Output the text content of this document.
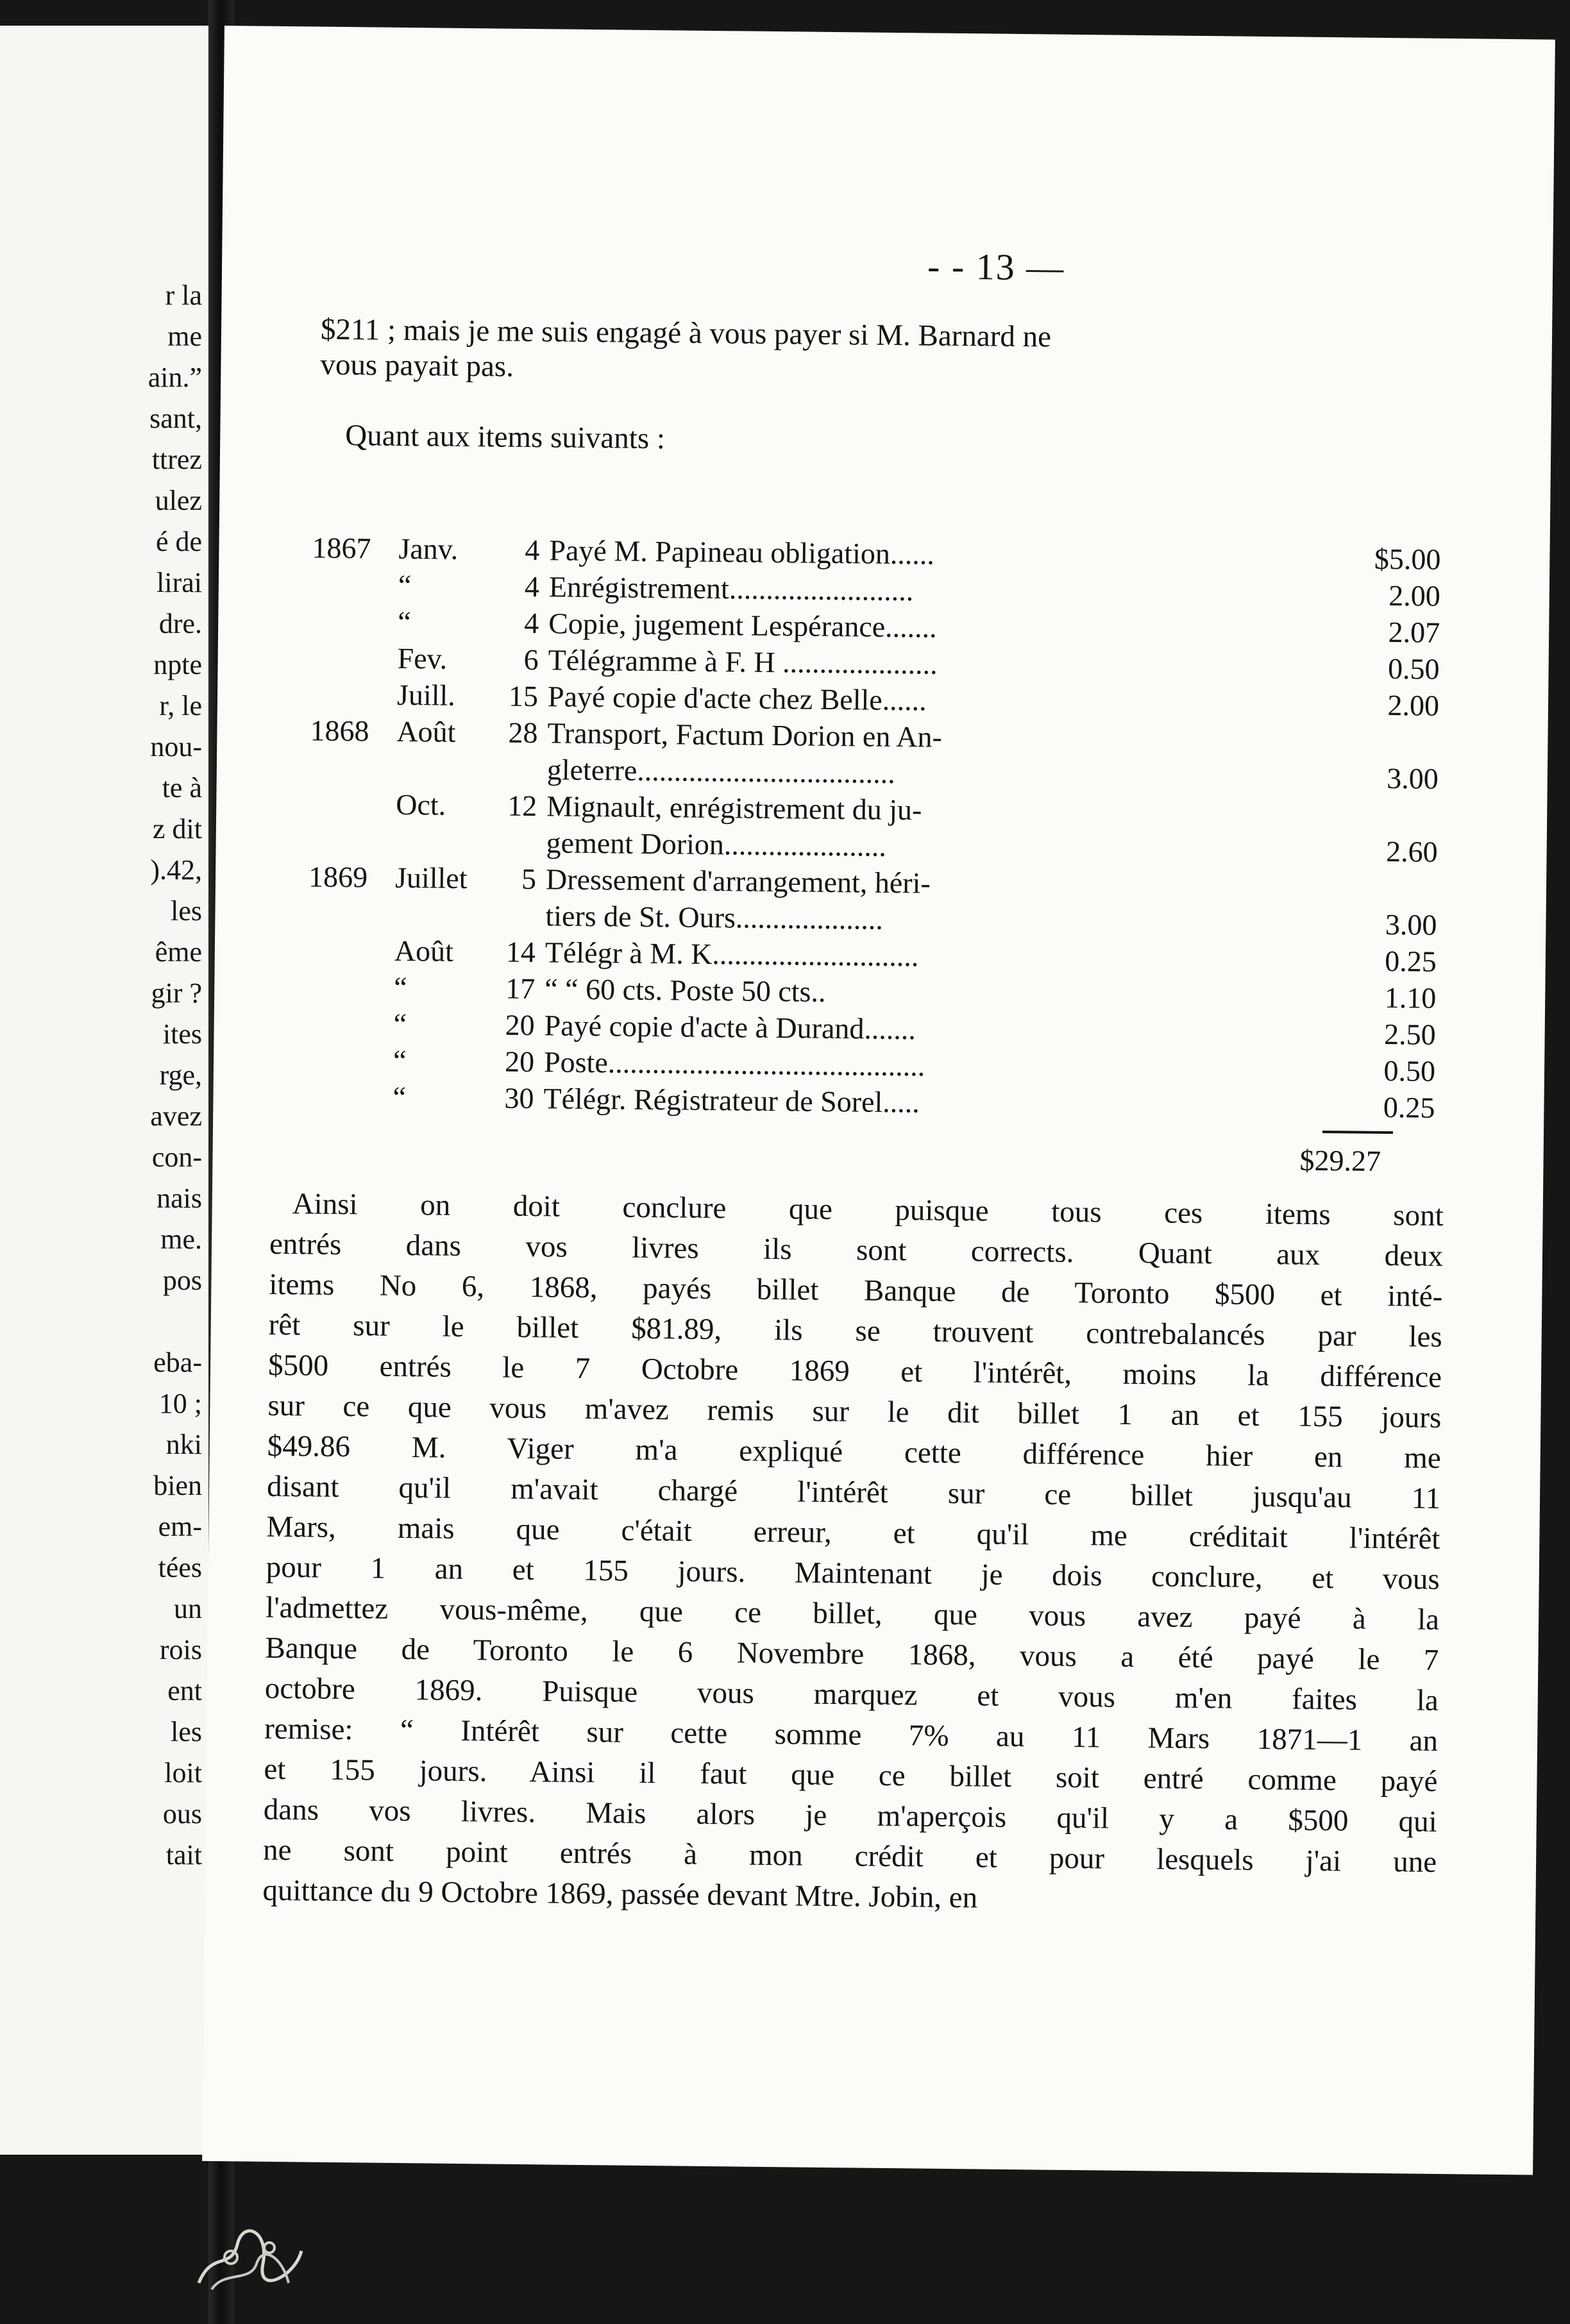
r la
me
ain.”
sant,
ttrez
ulez
é de
lirai
dre.
npte
r, le
nou-
te à
z dit
).42,
les
ême
gir ?
ites
rge,
avez
con-
nais
me.
pos
eba-
10 ;
nki
bien
em-
tées
un
rois
ent
les
loit
ous
tait
- - 13 —
$211 ; mais je me suis engagé à vous payer si M. Barnard ne
vous payait pas.
Quant aux items suivants :
1867 Janv.	4 Payé M. Papineau obligation......	$5.00
“	4 Enrégistrement.........................	2.00
“	4 Copie, jugement Lespérance.......	2.07
Fev.	6 Télégramme à F. H .....................	0.50
Juill.	15 Payé copie d'acte chez Belle......	2.00
1868 Août	28 Transport, Factum Dorion en An-
gleterre...................................	3.00
Oct.	12 Mignault, enrégistrement du ju-
gement Dorion......................	2.60
1869 Juillet	5 Dressement d'arrangement, héri-
tiers de St. Ours....................	3.00
Août	14 Télégr à M. K............................	0.25
“	17 “ “ 60 cts. Poste 50 cts..	1.10
“	20 Payé copie d'acte à Durand.......	2.50
“	20 Poste...........................................	0.50
“	30 Télégr. Régistrateur de Sorel.....	0.25
$29.27
Ainsi on doit conclure que puisque tous ces items sont
entrés dans vos livres ils sont corrects. Quant aux deux
items No 6, 1868, payés billet Banque de Toronto $500 et inté-
rêt sur le billet $81.89, ils se trouvent contrebalancés par les
$500 entrés le 7 Octobre 1869 et l'intérêt, moins la différence
sur ce que vous m'avez remis sur le dit billet 1 an et 155 jours
$49.86 M. Viger m'a expliqué cette différence hier en me
disant qu'il m'avait chargé l'intérêt sur ce billet jusqu'au 11
Mars, mais que c'était erreur, et qu'il me créditait l'intérêt
pour 1 an et 155 jours. Maintenant je dois conclure, et vous
l'admettez vous-même, que ce billet, que vous avez payé à la
Banque de Toronto le 6 Novembre 1868, vous a été payé le 7
octobre 1869. Puisque vous marquez et vous m'en faites la
remise: “ Intérêt sur cette somme 7% au 11 Mars 1871—1 an
et 155 jours. Ainsi il faut que ce billet soit entré comme payé
dans vos livres. Mais alors je m'aperçois qu'il y a $500 qui
ne sont point entrés à mon crédit et pour lesquels j'ai une
quittance du 9 Octobre 1869, passée devant Mtre. Jobin, en
